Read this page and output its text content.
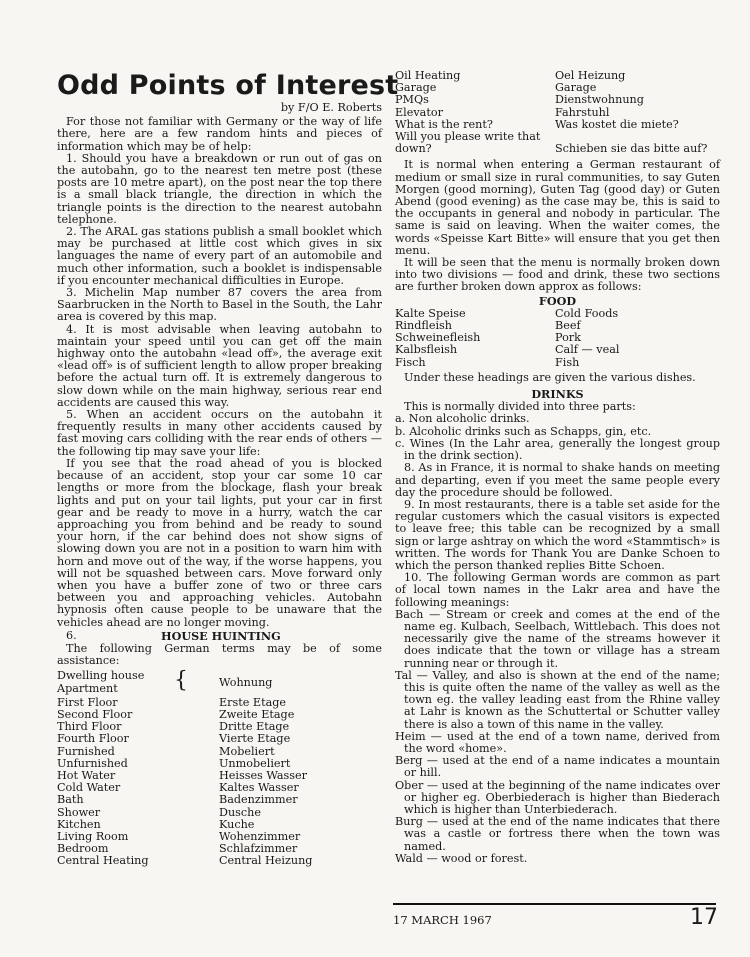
Odd Points of Interest
by F/O E. Roberts

For those not familiar with Germany or the way of life there, here are a few random hints and pieces of information which may be of help:

1. Should you have a breakdown or run out of gas on the autobahn, go to the nearest ten metre post (these posts are 10 metre apart), on the post near the top there is a small black triangle, the direction in which the triangle points is the direction to the nearest autobahn telephone.

2. The ARAL gas stations publish a small booklet which may be purchased at little cost which gives in six languages the name of every part of an automobile and much other information, such a booklet is indispensable if you encounter mechanical difficulties in Europe.

3. Michelin Map number 87 covers the area from Saarbrucken in the North to Basel in the South, the Lahr area is covered by this map.

4. It is most advisable when leaving autobahn to maintain your speed until you can get off the main highway onto the autobahn «lead off», the average exit «lead off» is of sufficient length to allow proper breaking before the actual turn off. It is extremely dangerous to slow down while on the main highway, serious rear end accidents are caused this way.

5. When an accident occurs on the autobahn it frequently results in many other accidents caused by fast moving cars colliding with the rear ends of others — the following tip may save your life:

If you see that the road ahead of you is blocked because of an accident, stop your car some 10 car lengths or more from the blockage, flash your break lights and put on your tail lights, put your car in first gear and be ready to move in a hurry, watch the car approaching you from behind and be ready to sound your horn, if the car behind does not show signs of slowing down you are not in a position to warn him with horn and move out of the way, if the worse happens, you will not be squashed between cars. Move forward only when you have a buffer zone of two or three cars between you and approaching vehicles. Autobahn hypnosis often cause people to be unaware that the vehicles ahead are no longer moving.

6.	HOUSE HUINTING

The following German terms may be of some assistance:

Dwelling house
Apartment	{	Wohnung
First Floor	Erste Etage
Second Floor	Zweite Etage
Third Floor	Dritte Etage
Fourth Floor	Vierte Etage
Furnished	Mobeliert
Unfurnished	Unmobeliert
Hot Water	Heisses Wasser
Cold Water	Kaltes Wasser
Bath	Badenzimmer
Shower	Dusche
Kitchen	Kuche
Living Room	Wohenzimmer
Bedroom	Schlafzimmer
Central Heating	Central Heizung
Oil Heating	Oel Heizung
Garage	Garage
PMQs	Dienstwohnung
Elevator	Fahrstuhl
What is the rent?	Was kostet die miete?
Will you please write that down?	Schieben sie das bitte auf?

It is normal when entering a German restaurant of medium or small size in rural communities, to say Guten Morgen (good morning), Guten Tag (good day) or Guten Abend (good evening) as the case may be, this is said to the occupants in general and nobody in particular. The same is said on leaving. When the waiter comes, the words «Speisse Kart Bitte» will ensure that you get then menu.

It will be seen that the menu is normally broken down into two divisions — food and drink, these two sections are further broken down approx as follows:

FOOD
Kalte Speise	Cold Foods
Rindfleish	Beef
Schweinefleish	Pork
Kalbsfleish	Calf — veal
Fisch	Fish

Under these headings are given the various dishes.

DRINKS

This is normally divided into three parts:

a. Non alcoholic drinks.
b. Alcoholic drinks such as Schapps, gin, etc.

c. Wines (In the Lahr area, generally the longest group in the drink section).

8. As in France, it is normal to shake hands on meeting and departing, even if you meet the same people every day the procedure should be followed.

9. In most restaurants, there is a table set aside for the regular customers which the casual visitors is expected to leave free; this table can be recognized by a small sign or large ashtray on which the word «Stammtisch» is written. The words for Thank You are Danke Schoen to which the person thanked replies Bitte Schoen.

10. The following German words are common as part of local town names in the Lakr area and have the following meanings:

Bach — Stream or creek and comes at the end of the name eg. Kulbach, Seelbach, Wittlebach. This does not necessarily give the name of the streams however it does indicate that the town or village has a stream running near or through it.

Tal — Valley, and also is shown at the end of the name; this is quite often the name of the valley as well as the town eg. the valley leading east from the Rhine valley at Lahr is known as the Schuttertal or Schutter valley there is also a town of this name in the valley.

Heim — used at the end of a town name, derived from the word «home».

Berg — used at the end of a name indicates a mountain or hill.

Ober — used at the beginning of the name indicates over or higher eg. Oberbiederach is higher than Biederach which is higher than Unterbiederach.

Burg — used at the end of the name indicates that there was a castle or fortress there when the town was named.

Wald — wood or forest.

17 MARCH 1967	17
